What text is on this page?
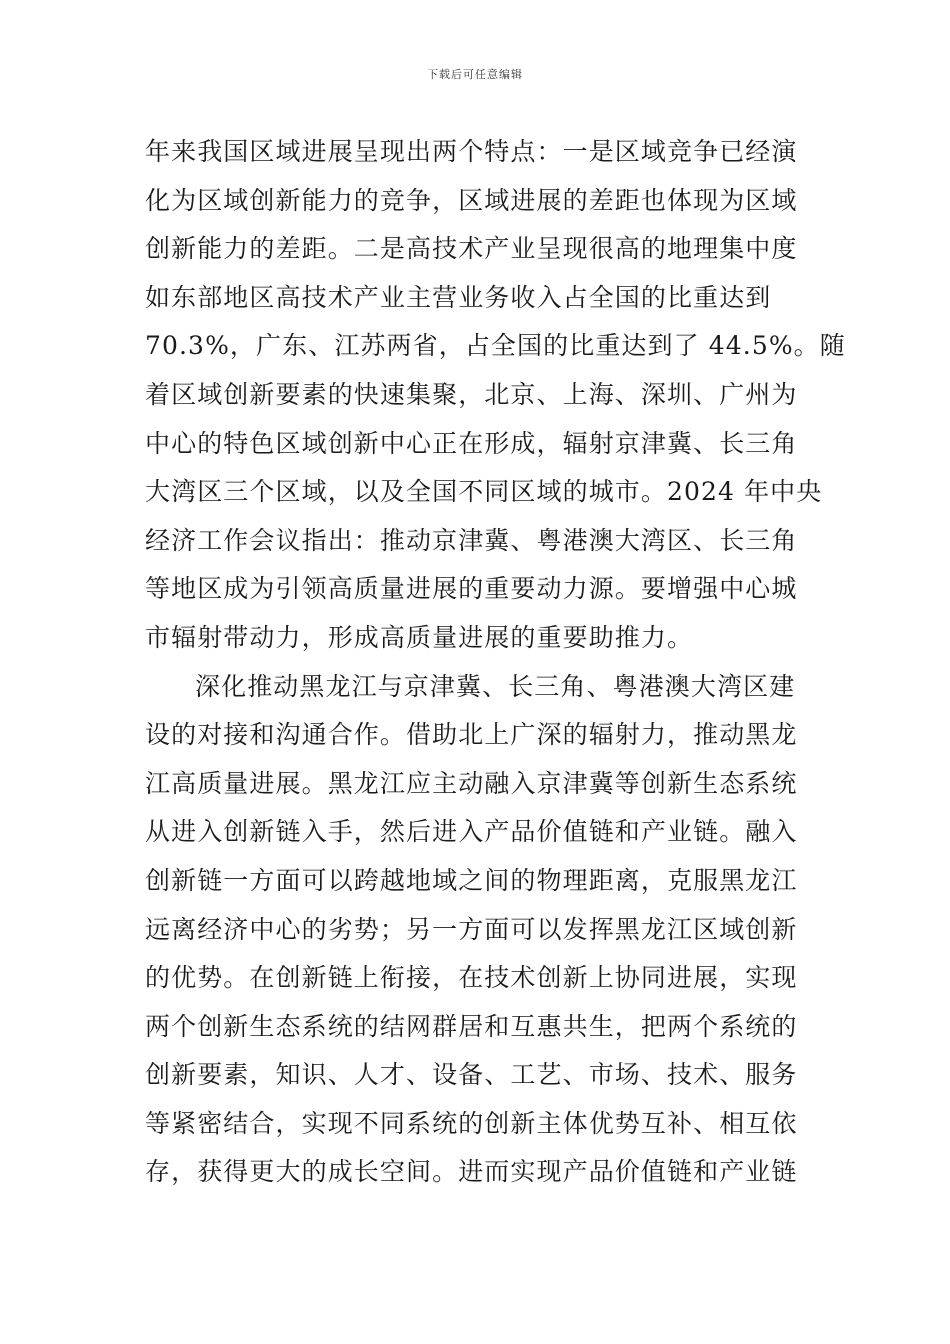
下载后可任意编辑
年来我国区域进展呈现出两个特点：一是区域竞争已经演
化为区域创新能力的竞争，区域进展的差距也体现为区域
创新能力的差距。二是高技术产业呈现很高的地理集中度
如东部地区高技术产业主营业务收入占全国的比重达到
70.3%，广东、江苏两省，占全国的比重达到了 44.5%。随
着区域创新要素的快速集聚，北京、上海、深圳、广州为
中心的特色区域创新中心正在形成，辐射京津冀、长三角
大湾区三个区域，以及全国不同区域的城市。2024 年中央
经济工作会议指出：推动京津冀、粤港澳大湾区、长三角
等地区成为引领高质量进展的重要动力源。要增强中心城
市辐射带动力，形成高质量进展的重要助推力。
深化推动黑龙江与京津冀、长三角、粤港澳大湾区建
设的对接和沟通合作。借助北上广深的辐射力，推动黑龙
江高质量进展。黑龙江应主动融入京津冀等创新生态系统
从进入创新链入手，然后进入产品价值链和产业链。融入
创新链一方面可以跨越地域之间的物理距离，克服黑龙江
远离经济中心的劣势；另一方面可以发挥黑龙江区域创新
的优势。在创新链上衔接，在技术创新上协同进展，实现
两个创新生态系统的结网群居和互惠共生，把两个系统的
创新要素，知识、人才、设备、工艺、市场、技术、服务
等紧密结合，实现不同系统的创新主体优势互补、相互依
存，获得更大的成长空间。进而实现产品价值链和产业链
